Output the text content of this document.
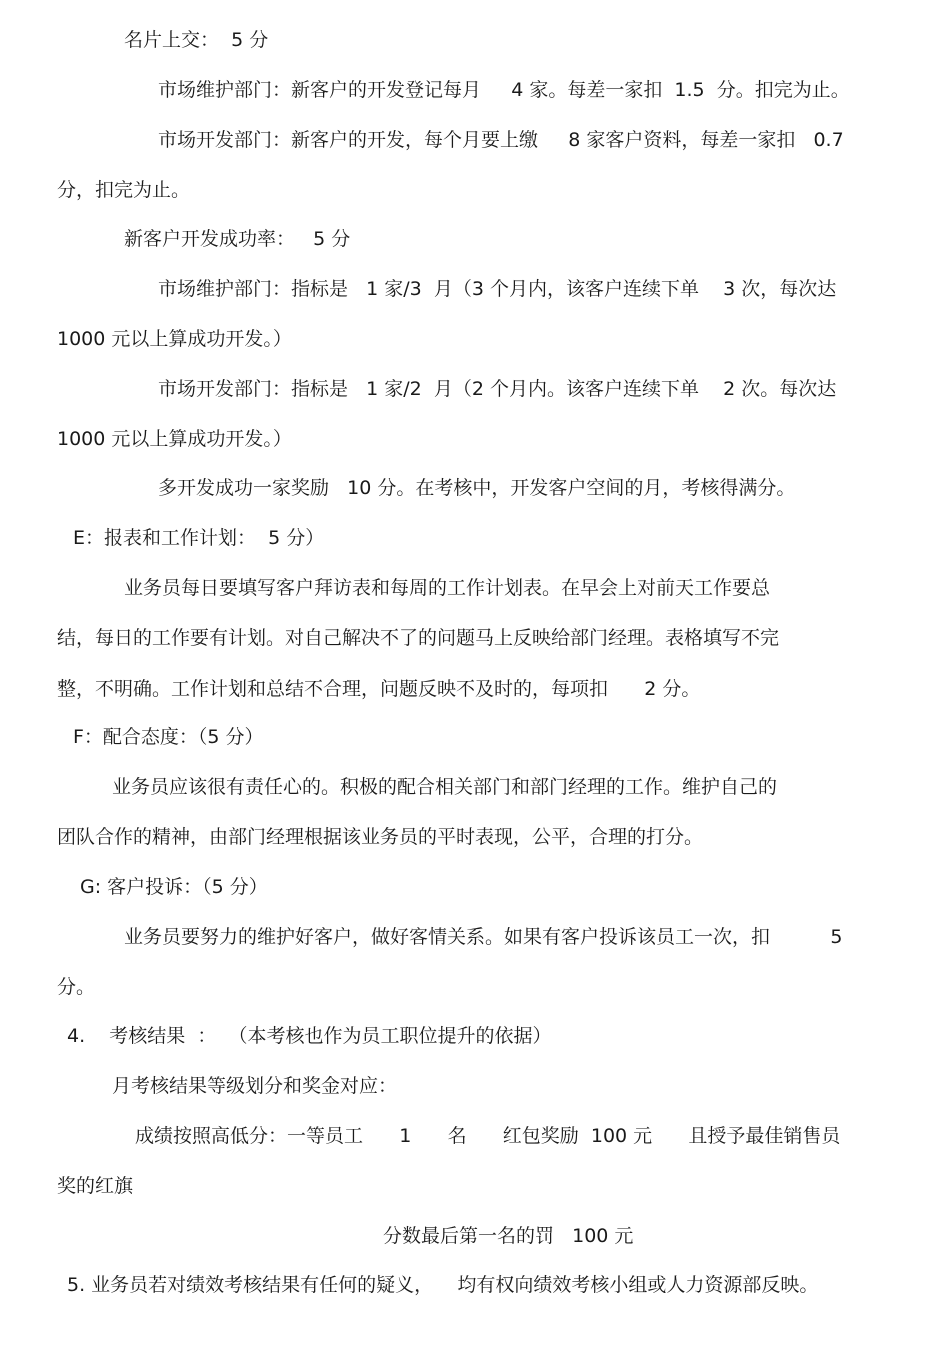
名片上交：  5 分
市场维护部门：新客户的开发登记每月     4 家。每差一家扣  1.5  分。扣完为止。
市场开发部门：新客户的开发，每个月要上缴     8 家客户资料，每差一家扣   0.7
分，扣完为止。
新客户开发成功率：   5 分
市场维护部门：指标是   1 家/3  月（3 个月内，该客户连续下单    3 次，每次达
1000 元以上算成功开发。）
市场开发部门：指标是   1 家/2  月（2 个月内。该客户连续下单    2 次。每次达
1000 元以上算成功开发。）
多开发成功一家奖励   10 分。在考核中，开发客户空间的月，考核得满分。
E：报表和工作计划：  5 分）
业务员每日要填写客户拜访表和每周的工作计划表。在早会上对前天工作要总
结，每日的工作要有计划。对自己解决不了的问题马上反映给部门经理。表格填写不完
整，不明确。工作计划和总结不合理，问题反映不及时的，每项扣      2 分。
F：配合态度：（5 分）
业务员应该很有责任心的。积极的配合相关部门和部门经理的工作。维护自己的
团队合作的精神，由部门经理根据该业务员的平时表现，公平，合理的打分。
G: 客户投诉：（5 分）
业务员要努力的维护好客户，做好客情关系。如果有客户投诉该员工一次，扣          5
分。
4.    考核结果  ：  （本考核也作为员工职位提升的依据）
月考核结果等级划分和奖金对应：
成绩按照高低分：一等员工      1      名      红包奖励  100 元      且授予最佳销售员
奖的红旗
分数最后第一名的罚   100 元
5. 业务员若对绩效考核结果有任何的疑义，    均有权向绩效考核小组或人力资源部反映。
